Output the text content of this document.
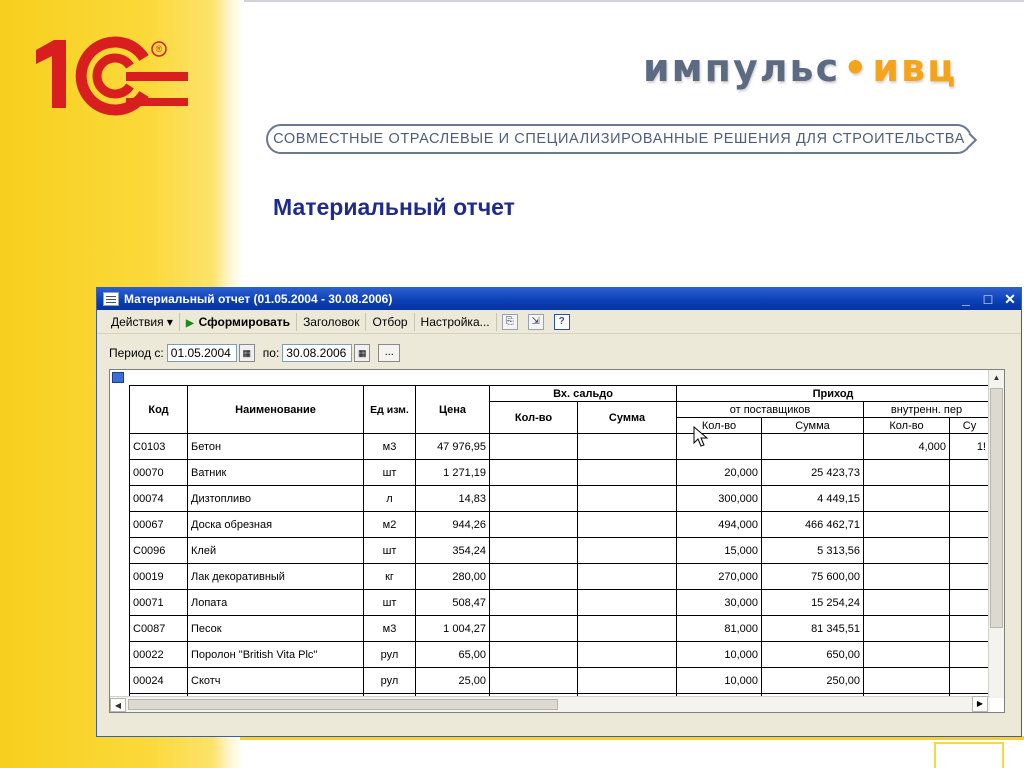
®	импульс•ивц
СОВМЕСТНЫЕ ОТРАСЛЕВЫЕ И СПЕЦИАЛИЗИРОВАННЫЕ РЕШЕНИЯ ДЛЯ СТРОИТЕЛЬСТВА
Материальный отчет
Материальный отчет (01.05.2004 - 30.08.2006)	_ □ ✕
Действия ▾	▶ Сформировать	Заголовок	Отбор	Настройка...	⎘	⇲	?
Период с: 01.05.2004	▦ по: 30.08.2006	▦	...
Код	Наименование	Ед изм.	Цена	Вх. сальдо		Приход			
				Кол-во	Сумма	от поставщиков		внутренн. пер	
						Кол-во	Сумма	Кол-во	Су
С0103	Бетон	м3	47 976,95					4,000	1!
00070	Ватник	шт	1 271,19			20,000	25 423,73		
00074	Дизтопливо	л	14,83			300,000	4 449,15		
00067	Доска обрезная	м2	944,26			494,000	466 462,71		
С0096	Клей	шт	354,24			15,000	5 313,56		
00019	Лак декоративный	кг	280,00			270,000	75 600,00		
00071	Лопата	шт	508,47			30,000	15 254,24		
С0087	Песок	м3	1 004,27			81,000	81 345,51		
00022	Поролон "British Vita Plc"	рул	65,00			10,000	650,00		
00024	Скотч	рул	25,00			10,000	250,00		

▲
◀	▶
